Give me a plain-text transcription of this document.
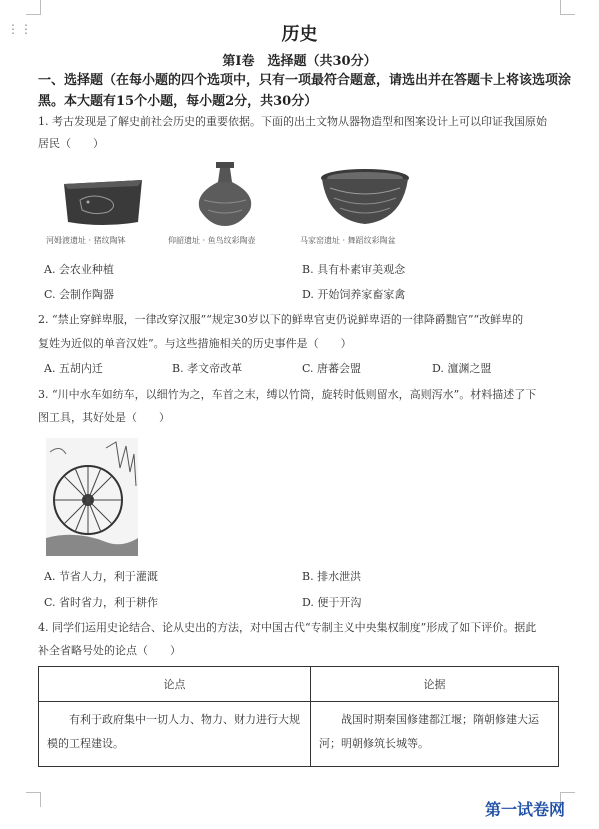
⋮⋮	历史
第Ⅰ卷　选择题（共30分）
一、选择题（在每小题的四个选项中，只有一项最符合题意，请选出并在答题卡上将该选项涂黑。本大题有15个小题，每小题2分，共30分）
1. 考古发现是了解史前社会历史的重要依据。下面的出土文物从器物造型和图案设计上可以印证我国原始
居民（　　）
河姆渡遗址 · 猪纹陶钵	仰韶遗址 · 鱼鸟纹彩陶壶	马家窑遗址 · 舞蹈纹彩陶盆
A. 会农业种植	B. 具有朴素审美观念
C. 会制作陶器	D. 开始饲养家畜家禽
2. “禁止穿鲜卑服，一律改穿汉服”“规定30岁以下的鲜卑官吏仍说鲜卑语的一律降爵黜官”“改鲜卑的
复姓为近似的单音汉姓”。与这些措施相关的历史事件是（　　）
A. 五胡内迁	B. 孝文帝改革	C. 唐蕃会盟	D. 澶渊之盟
3. “川中水车如纺车，以细竹为之，车首之末，缚以竹筒，旋转时低则留水，高则泻水”。材料描述了下
图工具，其好处是（　　）
A. 节省人力，利于灌溉	B. 排水泄洪
C. 省时省力，利于耕作	D. 便于开沟
4. 同学们运用史论结合、论从史出的方法，对中国古代“专制主义中央集权制度”形成了如下评价。据此
补全省略号处的论点（　　）
论点	论据
有利于政府集中一切人力、物力、财力进行大规模的工程建设。	战国时期秦国修建都江堰；隋朝修建大运河；明朝修筑长城等。
第一试卷网
